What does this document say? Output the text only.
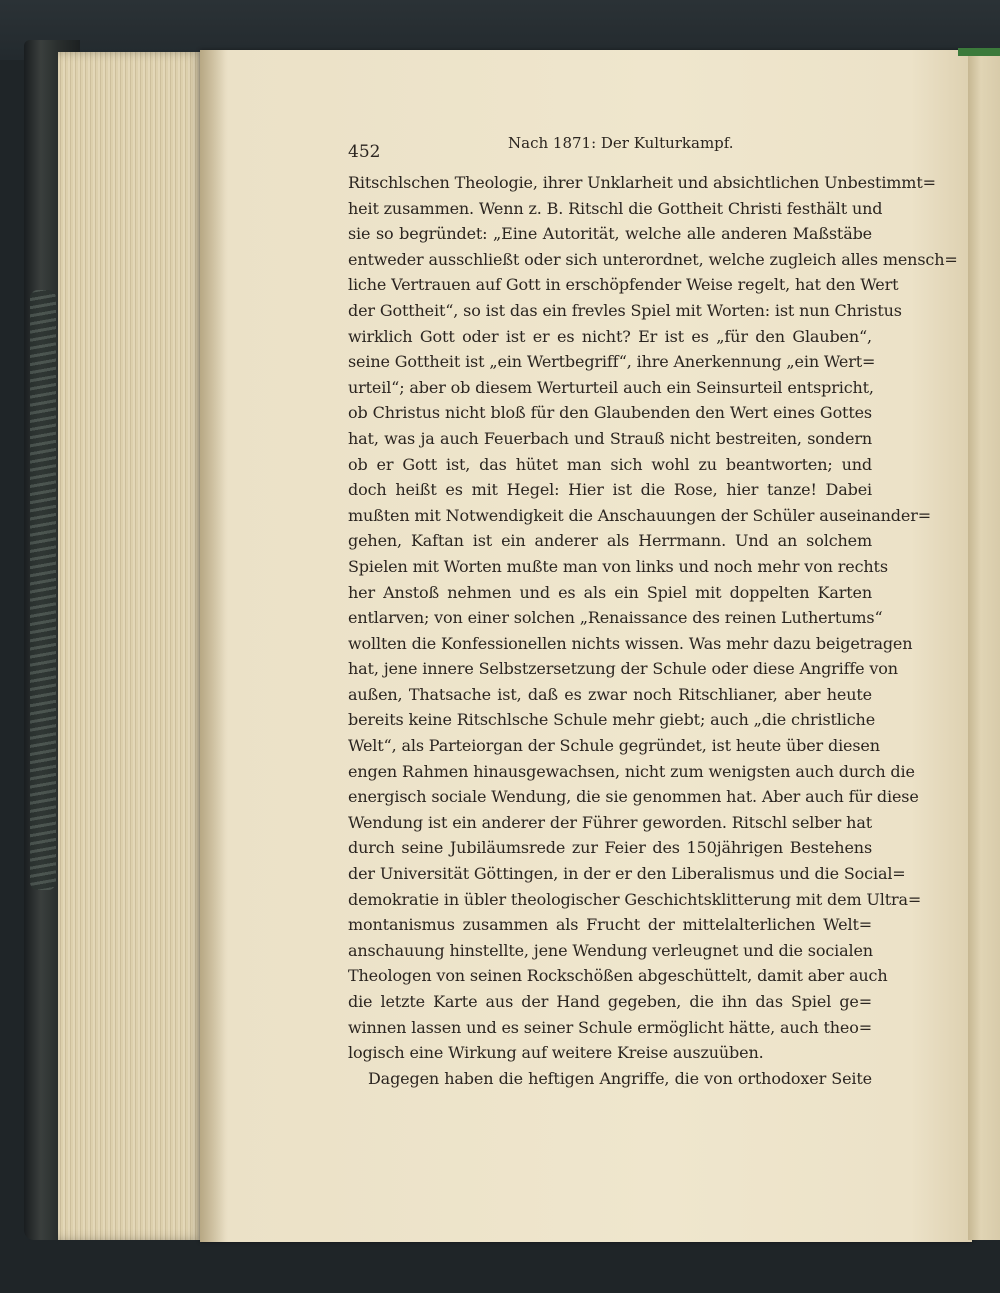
452	Nach 1871: Der Kulturkampf.
Ritschlschen Theologie, ihrer Unklarheit und absichtlichen Unbestimmt=
heit zusammen. Wenn z. B. Ritschl die Gottheit Christi festhält und
sie so begründet: „Eine Autorität, welche alle anderen Maßstäbe
entweder ausschließt oder sich unterordnet, welche zugleich alles mensch=
liche Vertrauen auf Gott in erschöpfender Weise regelt, hat den Wert
der Gottheit“, so ist das ein frevles Spiel mit Worten: ist nun Christus
wirklich Gott oder ist er es nicht? Er ist es „für den Glauben“,
seine Gottheit ist „ein Wertbegriff“, ihre Anerkennung „ein Wert=
urteil“; aber ob diesem Werturteil auch ein Seinsurteil entspricht,
ob Christus nicht bloß für den Glaubenden den Wert eines Gottes
hat, was ja auch Feuerbach und Strauß nicht bestreiten, sondern
ob er Gott ist, das hütet man sich wohl zu beantworten; und
doch heißt es mit Hegel: Hier ist die Rose, hier tanze! Dabei
mußten mit Notwendigkeit die Anschauungen der Schüler auseinander=
gehen, Kaftan ist ein anderer als Herrmann. Und an solchem
Spielen mit Worten mußte man von links und noch mehr von rechts
her Anstoß nehmen und es als ein Spiel mit doppelten Karten
entlarven; von einer solchen „Renaissance des reinen Luthertums“
wollten die Konfessionellen nichts wissen. Was mehr dazu beigetragen
hat, jene innere Selbstzersetzung der Schule oder diese Angriffe von
außen, Thatsache ist, daß es zwar noch Ritschlianer, aber heute
bereits keine Ritschlsche Schule mehr giebt; auch „die christliche
Welt“, als Parteiorgan der Schule gegründet, ist heute über diesen
engen Rahmen hinausgewachsen, nicht zum wenigsten auch durch die
energisch sociale Wendung, die sie genommen hat. Aber auch für diese
Wendung ist ein anderer der Führer geworden. Ritschl selber hat
durch seine Jubiläumsrede zur Feier des 150jährigen Bestehens
der Universität Göttingen, in der er den Liberalismus und die Social=
demokratie in übler theologischer Geschichtsklitterung mit dem Ultra=
montanismus zusammen als Frucht der mittelalterlichen Welt=
anschauung hinstellte, jene Wendung verleugnet und die socialen
Theologen von seinen Rockschößen abgeschüttelt, damit aber auch
die letzte Karte aus der Hand gegeben, die ihn das Spiel ge=
winnen lassen und es seiner Schule ermöglicht hätte, auch theo=
logisch eine Wirkung auf weitere Kreise auszuüben.
Dagegen haben die heftigen Angriffe, die von orthodoxer Seite
